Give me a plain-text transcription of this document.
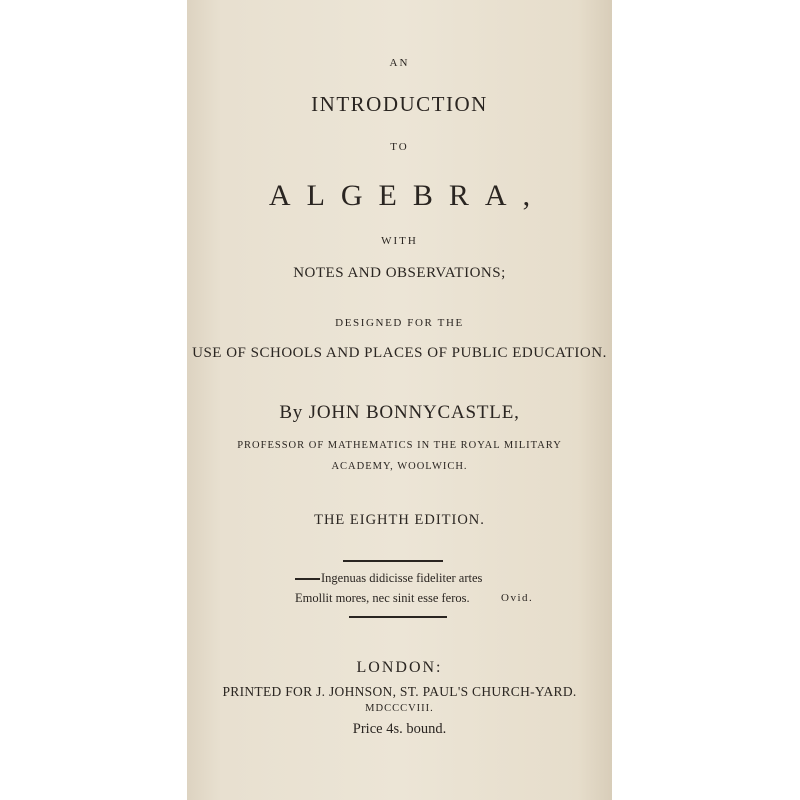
AN
INTRODUCTION
TO
ALGEBRA,
WITH
NOTES AND OBSERVATIONS;
DESIGNED FOR THE
USE OF SCHOOLS AND PLACES OF PUBLIC EDUCATION.
By JOHN BONNYCASTLE,
PROFESSOR OF MATHEMATICS IN THE ROYAL MILITARY
ACADEMY, WOOLWICH.
THE EIGHTH EDITION.
Ingenuas didicisse fideliter artes
Emollit mores, nec sinit esse feros.	Ovid.
LONDON:
PRINTED FOR J. JOHNSON, ST. PAUL'S CHURCH-YARD.
MDCCCVIII.
Price 4s. bound.
